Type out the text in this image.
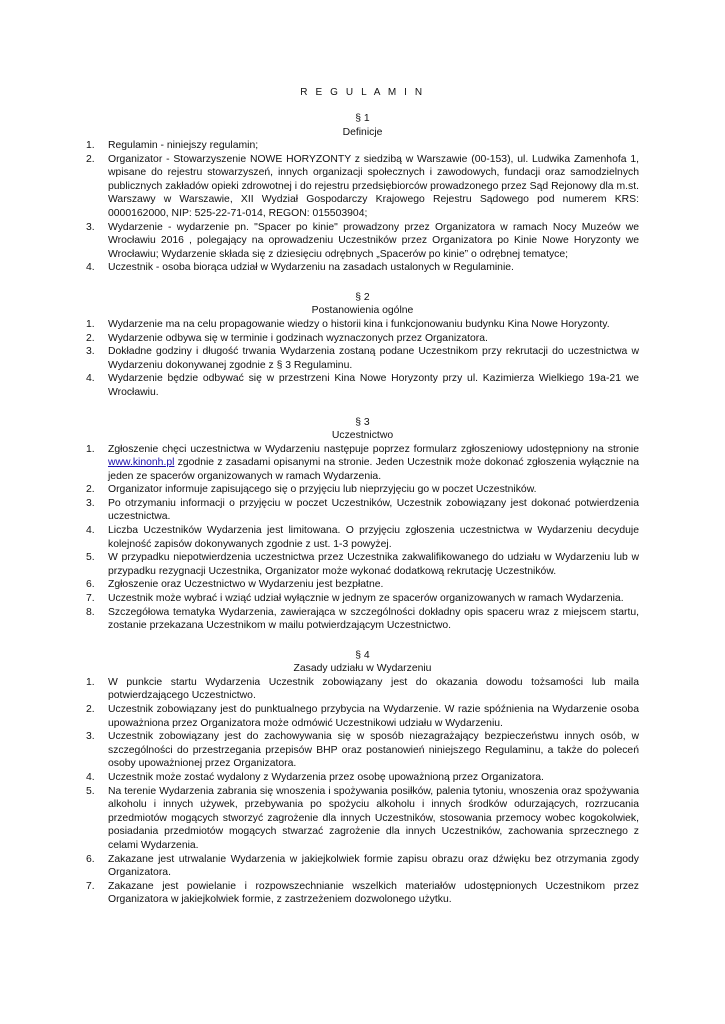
R E G U L A M I N
§ 1
Definicje
1. Regulamin - niniejszy regulamin;
2. Organizator - Stowarzyszenie NOWE HORYZONTY z siedzibą w Warszawie (00-153), ul. Ludwika Zamenhofa 1, wpisane do rejestru stowarzyszeń, innych organizacji społecznych i zawodowych, fundacji oraz samodzielnych publicznych zakładów opieki zdrowotnej i do rejestru przedsiębiorców prowadzonego przez Sąd Rejonowy dla m.st. Warszawy w Warszawie, XII Wydział Gospodarczy Krajowego Rejestru Sądowego pod numerem KRS: 0000162000, NIP: 525-22-71-014, REGON: 015503904;
3. Wydarzenie - wydarzenie pn. "Spacer po kinie" prowadzony przez Organizatora w ramach Nocy Muzeów we Wrocławiu 2016 , polegający na oprowadzeniu Uczestników przez Organizatora po Kinie Nowe Horyzonty we Wrocławiu; Wydarzenie składa się z dziesięciu odrębnych „Spacerów po kinie” o odrębnej tematyce;
4. Uczestnik - osoba biorąca udział w Wydarzeniu na zasadach ustalonych w Regulaminie.
§ 2
Postanowienia ogólne
1. Wydarzenie ma na celu propagowanie wiedzy o historii kina i funkcjonowaniu budynku Kina Nowe Horyzonty.
2. Wydarzenie odbywa się w terminie i godzinach wyznaczonych przez Organizatora.
3. Dokładne godziny i długość trwania Wydarzenia zostaną podane Uczestnikom przy rekrutacji do uczestnictwa w Wydarzeniu dokonywanej zgodnie z § 3 Regulaminu.
4. Wydarzenie będzie odbywać się w przestrzeni Kina Nowe Horyzonty przy ul. Kazimierza Wielkiego 19a-21 we Wrocławiu.
§ 3
Uczestnictwo
1. Zgłoszenie chęci uczestnictwa w Wydarzeniu następuje poprzez formularz zgłoszeniowy udostępniony na stronie www.kinonh.pl zgodnie z zasadami opisanymi na stronie. Jeden Uczestnik może dokonać zgłoszenia wyłącznie na jeden ze spacerów organizowanych w ramach Wydarzenia.
2. Organizator informuje zapisującego się o przyjęciu lub nieprzyjęciu go w poczet Uczestników.
3. Po otrzymaniu informacji o przyjęciu w poczet Uczestników, Uczestnik zobowiązany jest dokonać potwierdzenia uczestnictwa.
4. Liczba Uczestników Wydarzenia jest limitowana. O przyjęciu zgłoszenia uczestnictwa w Wydarzeniu decyduje kolejność zapisów dokonywanych zgodnie z ust. 1-3 powyżej.
5. W przypadku niepotwierdzenia uczestnictwa przez Uczestnika zakwalifikowanego do udziału w Wydarzeniu lub w przypadku rezygnacji Uczestnika, Organizator może wykonać dodatkową rekrutację Uczestników.
6. Zgłoszenie oraz Uczestnictwo w Wydarzeniu jest bezpłatne.
7. Uczestnik może wybrać i wziąć udział wyłącznie w jednym ze spacerów organizowanych w ramach Wydarzenia.
8. Szczegółowa tematyka Wydarzenia, zawierająca w szczególności dokładny opis spaceru wraz z miejscem startu, zostanie przekazana Uczestnikom w mailu potwierdzającym Uczestnictwo.
§ 4
Zasady udziału w Wydarzeniu
1. W punkcie startu Wydarzenia Uczestnik zobowiązany jest do okazania dowodu tożsamości lub maila potwierdzającego Uczestnictwo.
2. Uczestnik zobowiązany jest do punktualnego przybycia na Wydarzenie. W razie spóźnienia na Wydarzenie osoba upoważniona przez Organizatora może odmówić Uczestnikowi udziału w Wydarzeniu.
3. Uczestnik zobowiązany jest do zachowywania się w sposób niezagrażający bezpieczeństwu innych osób, w szczególności do przestrzegania przepisów BHP oraz postanowień niniejszego Regulaminu, a także do poleceń osoby upoważnionej przez Organizatora.
4. Uczestnik może zostać wydalony z Wydarzenia przez osobę upoważnioną przez Organizatora.
5. Na terenie Wydarzenia zabrania się wnoszenia i spożywania posiłków, palenia tytoniu, wnoszenia oraz spożywania alkoholu i innych używek, przebywania po spożyciu alkoholu i innych środków odurzających, rozrzucania przedmiotów mogących stworzyć zagrożenie dla innych Uczestników, stosowania przemocy wobec kogokolwiek, posiadania przedmiotów mogących stwarzać zagrożenie dla innych Uczestników, zachowania sprzecznego z celami Wydarzenia.
6. Zakazane jest utrwalanie Wydarzenia w jakiejkolwiek formie zapisu obrazu oraz dźwięku bez otrzymania zgody Organizatora.
7. Zakazane jest powielanie i rozpowszechnianie wszelkich materiałów udostępnionych Uczestnikom przez Organizatora w jakiejkolwiek formie, z zastrzeżeniem dozwolonego użytku.
